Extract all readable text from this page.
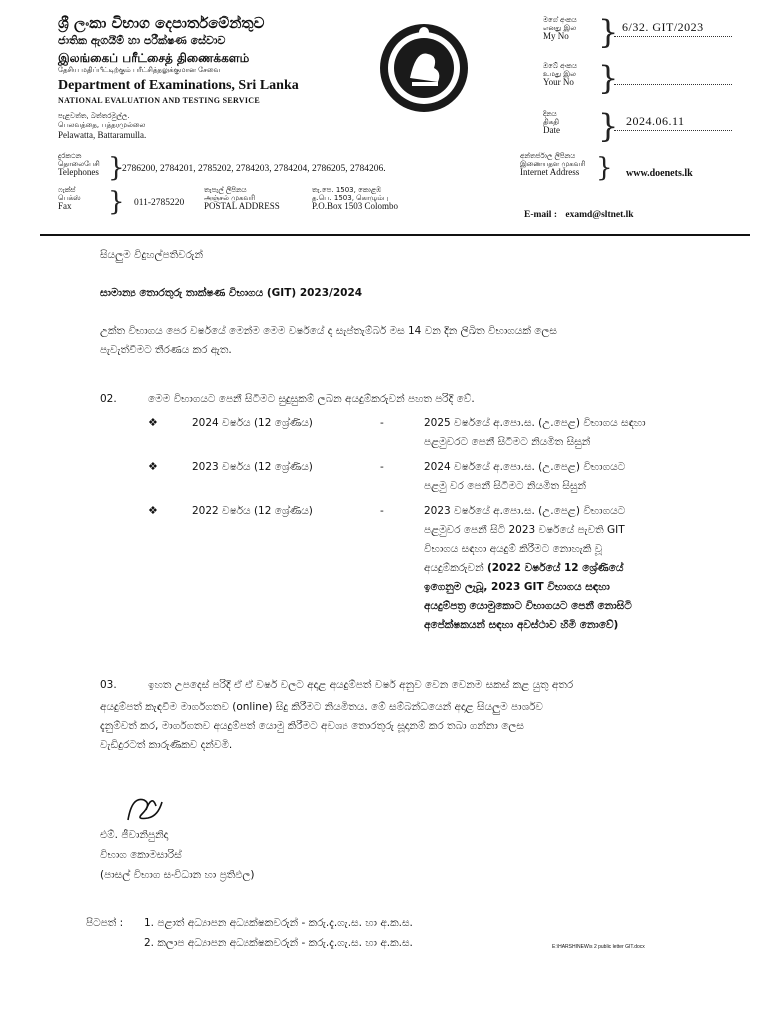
ශ්‍රී ලංකා විභාග දෙපාර්තමේන්තුව
ජාතික ඇගයීම් හා පරීක්ෂණ සේවාව
இலங்கைப் பரீட்சைத் திணைக்களம்
தேசிய மதிப்பீட்டிற்கும் பரீட்சித்தலுக்குமான சேவை
Department of Examinations, Sri Lanka
NATIONAL EVALUATION AND TESTING SERVICE
පැළවත්ත, බත්තරමුල්ල.
பெலவத்தை, பத்தரமுல்லை
Pelawatta, Battaramulla.
මගේ අංකය
எனது இல
My No } 6/32. GIT/2023
ඔබේ අංකය
உமது இல
Your No }
දිනය
திகதி
Date } 2024.06.11
දුරකථන
தொலைபேசி
Telephones }
2786200, 2784201, 2785202, 2784203, 2784204, 2786205, 2784206.
අන්තර්ජාල ලිපිනය
இணையதள முகவரி
Internet Address } www.doenets.lk
ෆැක්ස්
பெக்ஸ்
Fax	} 011-2785220
තැපැල් ලිපිනය
அஞ்சல் முகவரி
POSTAL ADDRESS
තැ.පෙ. 1503, කොළඹ
த.பெ. 1503, கொழும்பு
P.O.Box 1503 Colombo
E-mail : examd@sltnet.lk
සියලුම විදුහල්පතිවරුන්
සාමාන්‍ය තොරතුරු තාක්ෂණ විභාගය (GIT) 2023/2024
උක්ත විභාගය පෙර වර්ෂයේ මෙන්ම මෙම වර්ෂයේ ද සැප්තැම්බර් මස 14 වන දින ලිඛිත විභාගයක් ලෙස
පැවැත්වීමට තීරණය කර ඇත.
02.	මෙම විභාගයට පෙනී සිටීමට සුදුසුකම් ලබන අයදුම්කරුවන් පහත පරිදි වේ.
❖	2024 වර්ෂය (12 ශ්‍රේණිය)	-	2025 වර්ෂයේ අ.පො.ස. (උ.පෙළ) විභාගය සඳහා
පළමුවරට පෙනී සිටීමට නියමිත සිසුන්
❖	2023 වර්ෂය (12 ශ්‍රේණිය)	-	2024 වර්ෂයේ අ.පො.ස. (උ.පෙළ) විභාගයට
පළමු වර පෙනී සිටීමට නියමිත සිසුන්
❖	2022 වර්ෂය (12 ශ්‍රේණිය)	-	2023 වර්ෂයේ අ.පො.ස. (උ.පෙළ) විභාගයට
පළමුවර පෙනී සිටි 2023 වර්ෂයේ පැවති GIT
විභාගය සඳහා අයදුම් කිරීමට නොහැකි වූ
අයදුම්කරුවන් (2022 වර්ෂයේ 12 ශ්‍රේණියේ
ඉගෙනුම ලැබූ, 2023 GIT විභාගය සඳහා
අයදුම්පත්‍ර යොමුකොට විභාගයට පෙනී නොසිටි
අපේක්ෂකයන් සඳහා අවස්ථාව හිමි නොවේ)
03.	ඉහත උපදෙස් පරිදි ඒ ඒ වර්ෂ වලට අදාළ අයදුම්පත් වර්ෂ අනුව වෙන වෙනම සකස් කළ යුතු අතර
අයදුම්පත් කැඳවීම මාර්ගගතව (online) සිදු කිරීමට නියමිතය. මේ සම්බන්ධයෙන් අදාළ සියලුම පාර්ශව
දැනුම්වත් කර, මාර්ගගතව අයදුම්පත් යොමු කිරීමට අවශ්‍ය තොරතුරු සූදානම් කර තබා ගන්නා ලෙස
වැඩිදුරටත් කාරුණිකව දන්වමි.
එම්. ජීවානිපුනිදා
විභාග කොමසාරිස්
(පාසල් විභාග සංවිධාන හා ප්‍රතිඵල)
පිටපත් : 1. පළාත් අධ්‍යාපන අධ්‍යක්ෂකවරුන් - කරු.දැ.ගැ.ස. හා අ.ක.ස.
2. කලාප අධ්‍යාපන අධ්‍යක්ෂකවරුන් - කරු.දැ.ගැ.ස. හා අ.ක.ස.	E:\HARSHINEW\s 2 ‍public letter GIT.docx
